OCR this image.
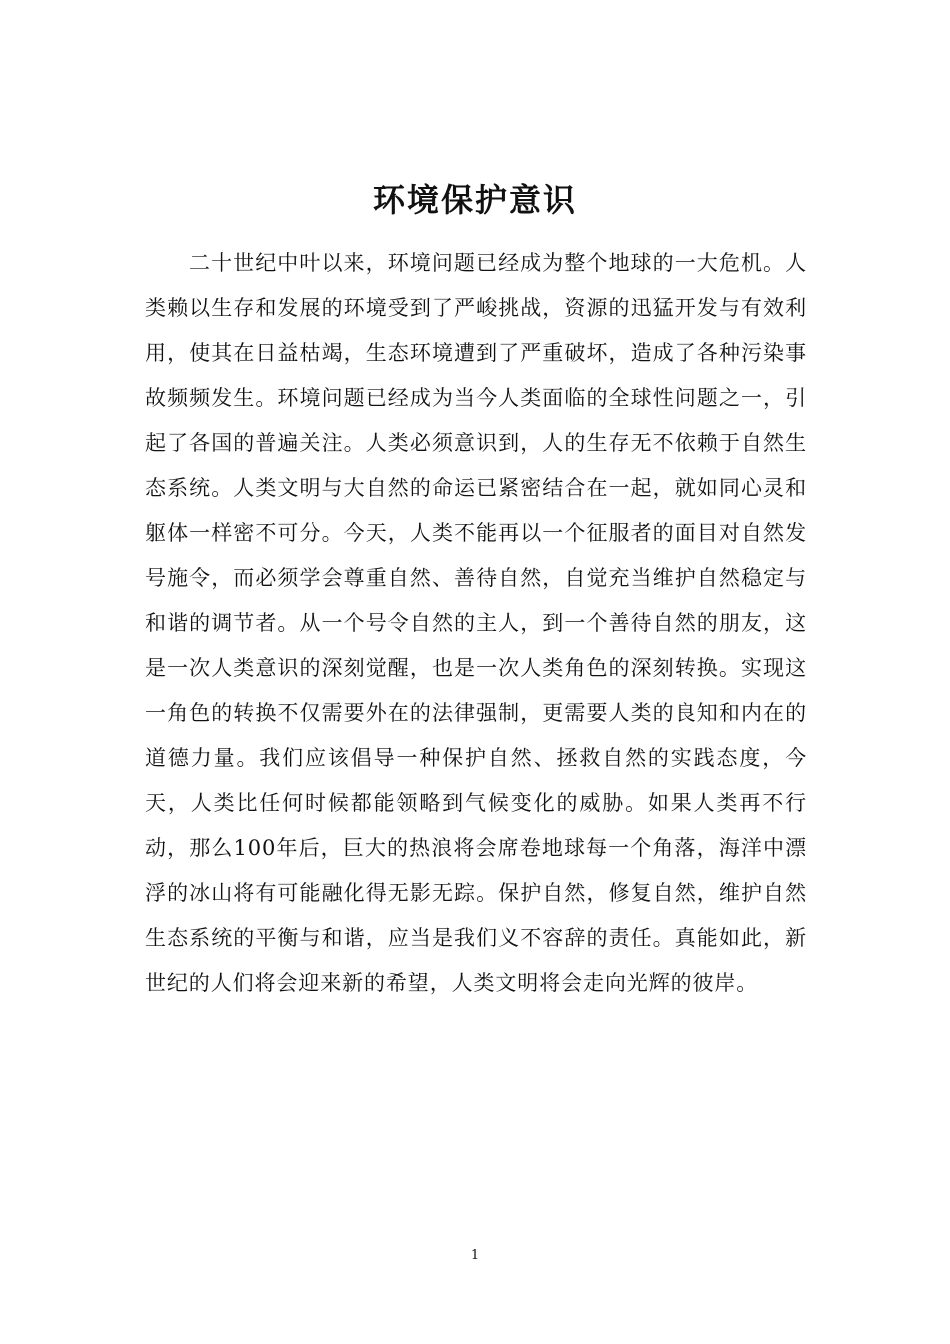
环境保护意识

二十世纪中叶以来，环境问题已经成为整个地球的一大危机。人类赖以生存和发展的环境受到了严峻挑战，资源的迅猛开发与有效利用，使其在日益枯竭，生态环境遭到了严重破坏，造成了各种污染事故频频发生。环境问题已经成为当今人类面临的全球性问题之一，引起了各国的普遍关注。人类必须意识到，人的生存无不依赖于自然生态系统。人类文明与大自然的命运已紧密结合在一起，就如同心灵和躯体一样密不可分。今天，人类不能再以一个征服者的面目对自然发号施令，而必须学会尊重自然、善待自然，自觉充当维护自然稳定与和谐的调节者。从一个号令自然的主人，到一个善待自然的朋友，这是一次人类意识的深刻觉醒，也是一次人类角色的深刻转换。实现这一角色的转换不仅需要外在的法律强制，更需要人类的良知和内在的道德力量。我们应该倡导一种保护自然、拯救自然的实践态度，今天，人类比任何时候都能领略到气候变化的威胁。如果人类再不行动，那么100年后，巨大的热浪将会席卷地球每一个角落，海洋中漂浮的冰山将有可能融化得无影无踪。保护自然，修复自然，维护自然生态系统的平衡与和谐，应当是我们义不容辞的责任。真能如此，新世纪的人们将会迎来新的希望，人类文明将会走向光辉的彼岸。

1
